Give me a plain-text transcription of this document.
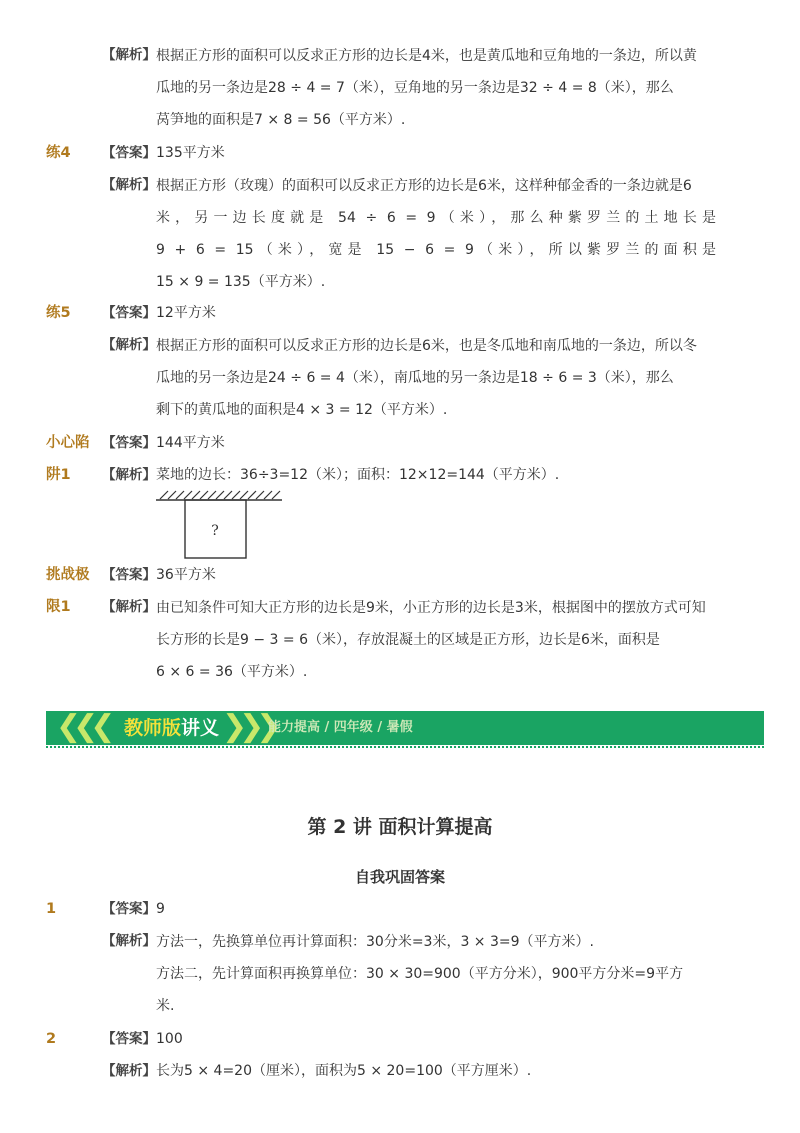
【解析】 根据正方形的面积可以反求正方形的边长是4米，也是黄瓜地和豆角地的一条边，所以黄

瓜地的另一条边是28 ÷ 4 = 7（米），豆角地的另一条边是32 ÷ 4 = 8（米），那么

莴笋地的面积是7 × 8 = 56（平方米）.

练4	【答案】 135平方米
【解析】 根据正方形（玫瑰）的面积可以反求正方形的边长是6米，这样种郁金香的一条边就是6

米，另一边长度就是 54 ÷ 6 = 9（米），那么种紫罗兰的土地长是

9 + 6 = 15（米），宽是 15 − 6 = 9（米），所以紫罗兰的面积是

15 × 9 = 135（平方米）.

练5	【答案】 12平方米
【解析】 根据正方形的面积可以反求正方形的边长是6米，也是冬瓜地和南瓜地的一条边，所以冬

瓜地的另一条边是24 ÷ 6 = 4（米），南瓜地的另一条边是18 ÷ 6 = 3（米），那么

剩下的黄瓜地的面积是4 × 3 = 12（平方米）.

小心陷 【答案】 144平方米
阱1	【解析】 菜地的边长：36÷3=12（米）；面积：12×12=144（平方米）.
?
挑战极 【答案】 36平方米
限1	【解析】 由已知条件可知大正方形的边长是9米，小正方形的边长是3米，根据图中的摆放方式可知

长方形的长是9 − 3 = 6（米），存放混凝土的区域是正方形，边长是6米，面积是

6 × 6 = 36（平方米）.

❮❮❮ 教师版讲义 ❯❯❯
能力提高 / 四年级 / 暑假
第 2 讲 面积计算提高
自我巩固答案
1	【答案】 9
【解析】 方法一，先换算单位再计算面积：30分米=3米，3 × 3=9（平方米）.

方法二，先计算面积再换算单位：30 × 30=900（平方分米），900平方分米=9平方

米.

2	【答案】 100
【解析】 长为5 × 4=20（厘米），面积为5 × 20=100（平方厘米）.
